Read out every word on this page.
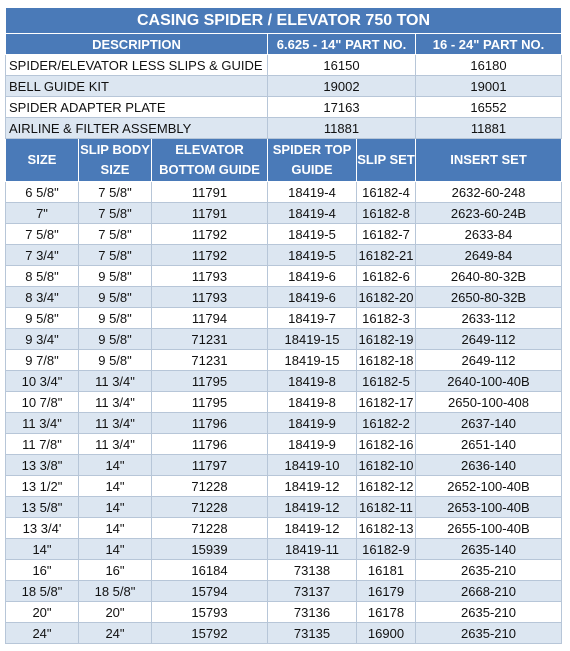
CASING SPIDER / ELEVATOR 750 TON					
DESCRIPTION			6.625 - 14" PART NO.		16 - 24" PART NO.
SPIDER/ELEVATOR LESS SLIPS & GUIDE			16150		16180
BELL GUIDE KIT			19002		19001
SPIDER ADAPTER PLATE			17163		16552
AIRLINE & FILTER ASSEMBLY			11881		11881
SIZE	SLIP BODY SIZE	ELEVATOR BOTTOM GUIDE	SPIDER TOP GUIDE	SLIP SET	INSERT SET
6 5/8"	7 5/8"	11791	18419-4	16182-4	2632-60-248
7"	7 5/8"	11791	18419-4	16182-8	2623-60-24B
7 5/8"	7 5/8"	11792	18419-5	16182-7	2633-84
7 3/4"	7 5/8"	11792	18419-5	16182-21	2649-84
8 5/8"	9 5/8"	11793	18419-6	16182-6	2640-80-32B
8 3/4"	9 5/8"	11793	18419-6	16182-20	2650-80-32B
9 5/8"	9 5/8"	11794	18419-7	16182-3	2633-112
9 3/4"	9 5/8"	71231	18419-15	16182-19	2649-112
9 7/8"	9 5/8"	71231	18419-15	16182-18	2649-112
10 3/4"	11 3/4"	11795	18419-8	16182-5	2640-100-40B
10 7/8"	11 3/4"	11795	18419-8	16182-17	2650-100-408
11 3/4"	11 3/4"	11796	18419-9	16182-2	2637-140
11 7/8"	11 3/4"	11796	18419-9	16182-16	2651-140
13 3/8"	14"	11797	18419-10	16182-10	2636-140
13 1/2"	14"	71228	18419-12	16182-12	2652-100-40B
13 5/8"	14"	71228	18419-12	16182-11	2653-100-40B
13 3/4'	14"	71228	18419-12	16182-13	2655-100-40B
14"	14"	15939	18419-11	16182-9	2635-140
16"	16"	16184	73138	16181	2635-210
18 5/8"	18 5/8"	15794	73137	16179	2668-210
20"	20"	15793	73136	16178	2635-210
24"	24"	15792	73135	16900	2635-210
